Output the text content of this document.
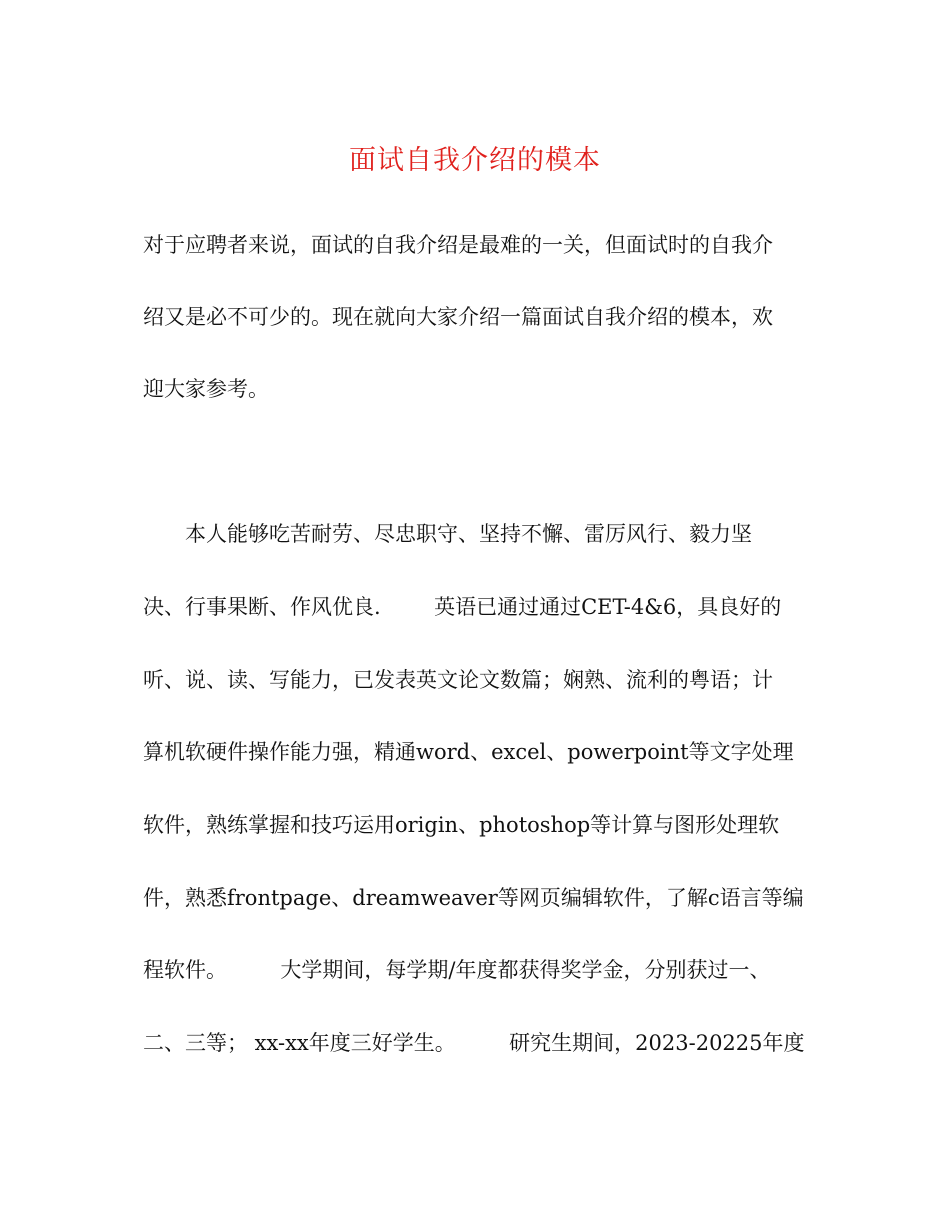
面试自我介绍的模本
对于应聘者来说，面试的自我介绍是最难的一关，但面试时的自我介
绍又是必不可少的。现在就向大家介绍一篇面试自我介绍的模本，欢
迎大家参考。
本人能够吃苦耐劳、尽忠职守、坚持不懈、雷厉风行、毅力坚
决、行事果断、作风优良.        英语已通过通过CET-4&6，具良好的
听、说、读、写能力，已发表英文论文数篇；娴熟、流利的粤语；计
算机软硬件操作能力强，精通word、excel、powerpoint等文字处理
软件，熟练掌握和技巧运用origin、photoshop等计算与图形处理软
件，熟悉frontpage、dreamweaver等网页编辑软件，了解c语言等编
程软件。        大学期间，每学期/年度都获得奖学金，分别获过一、
二、三等； xx-xx年度三好学生。        研究生期间，2023-20225年度
